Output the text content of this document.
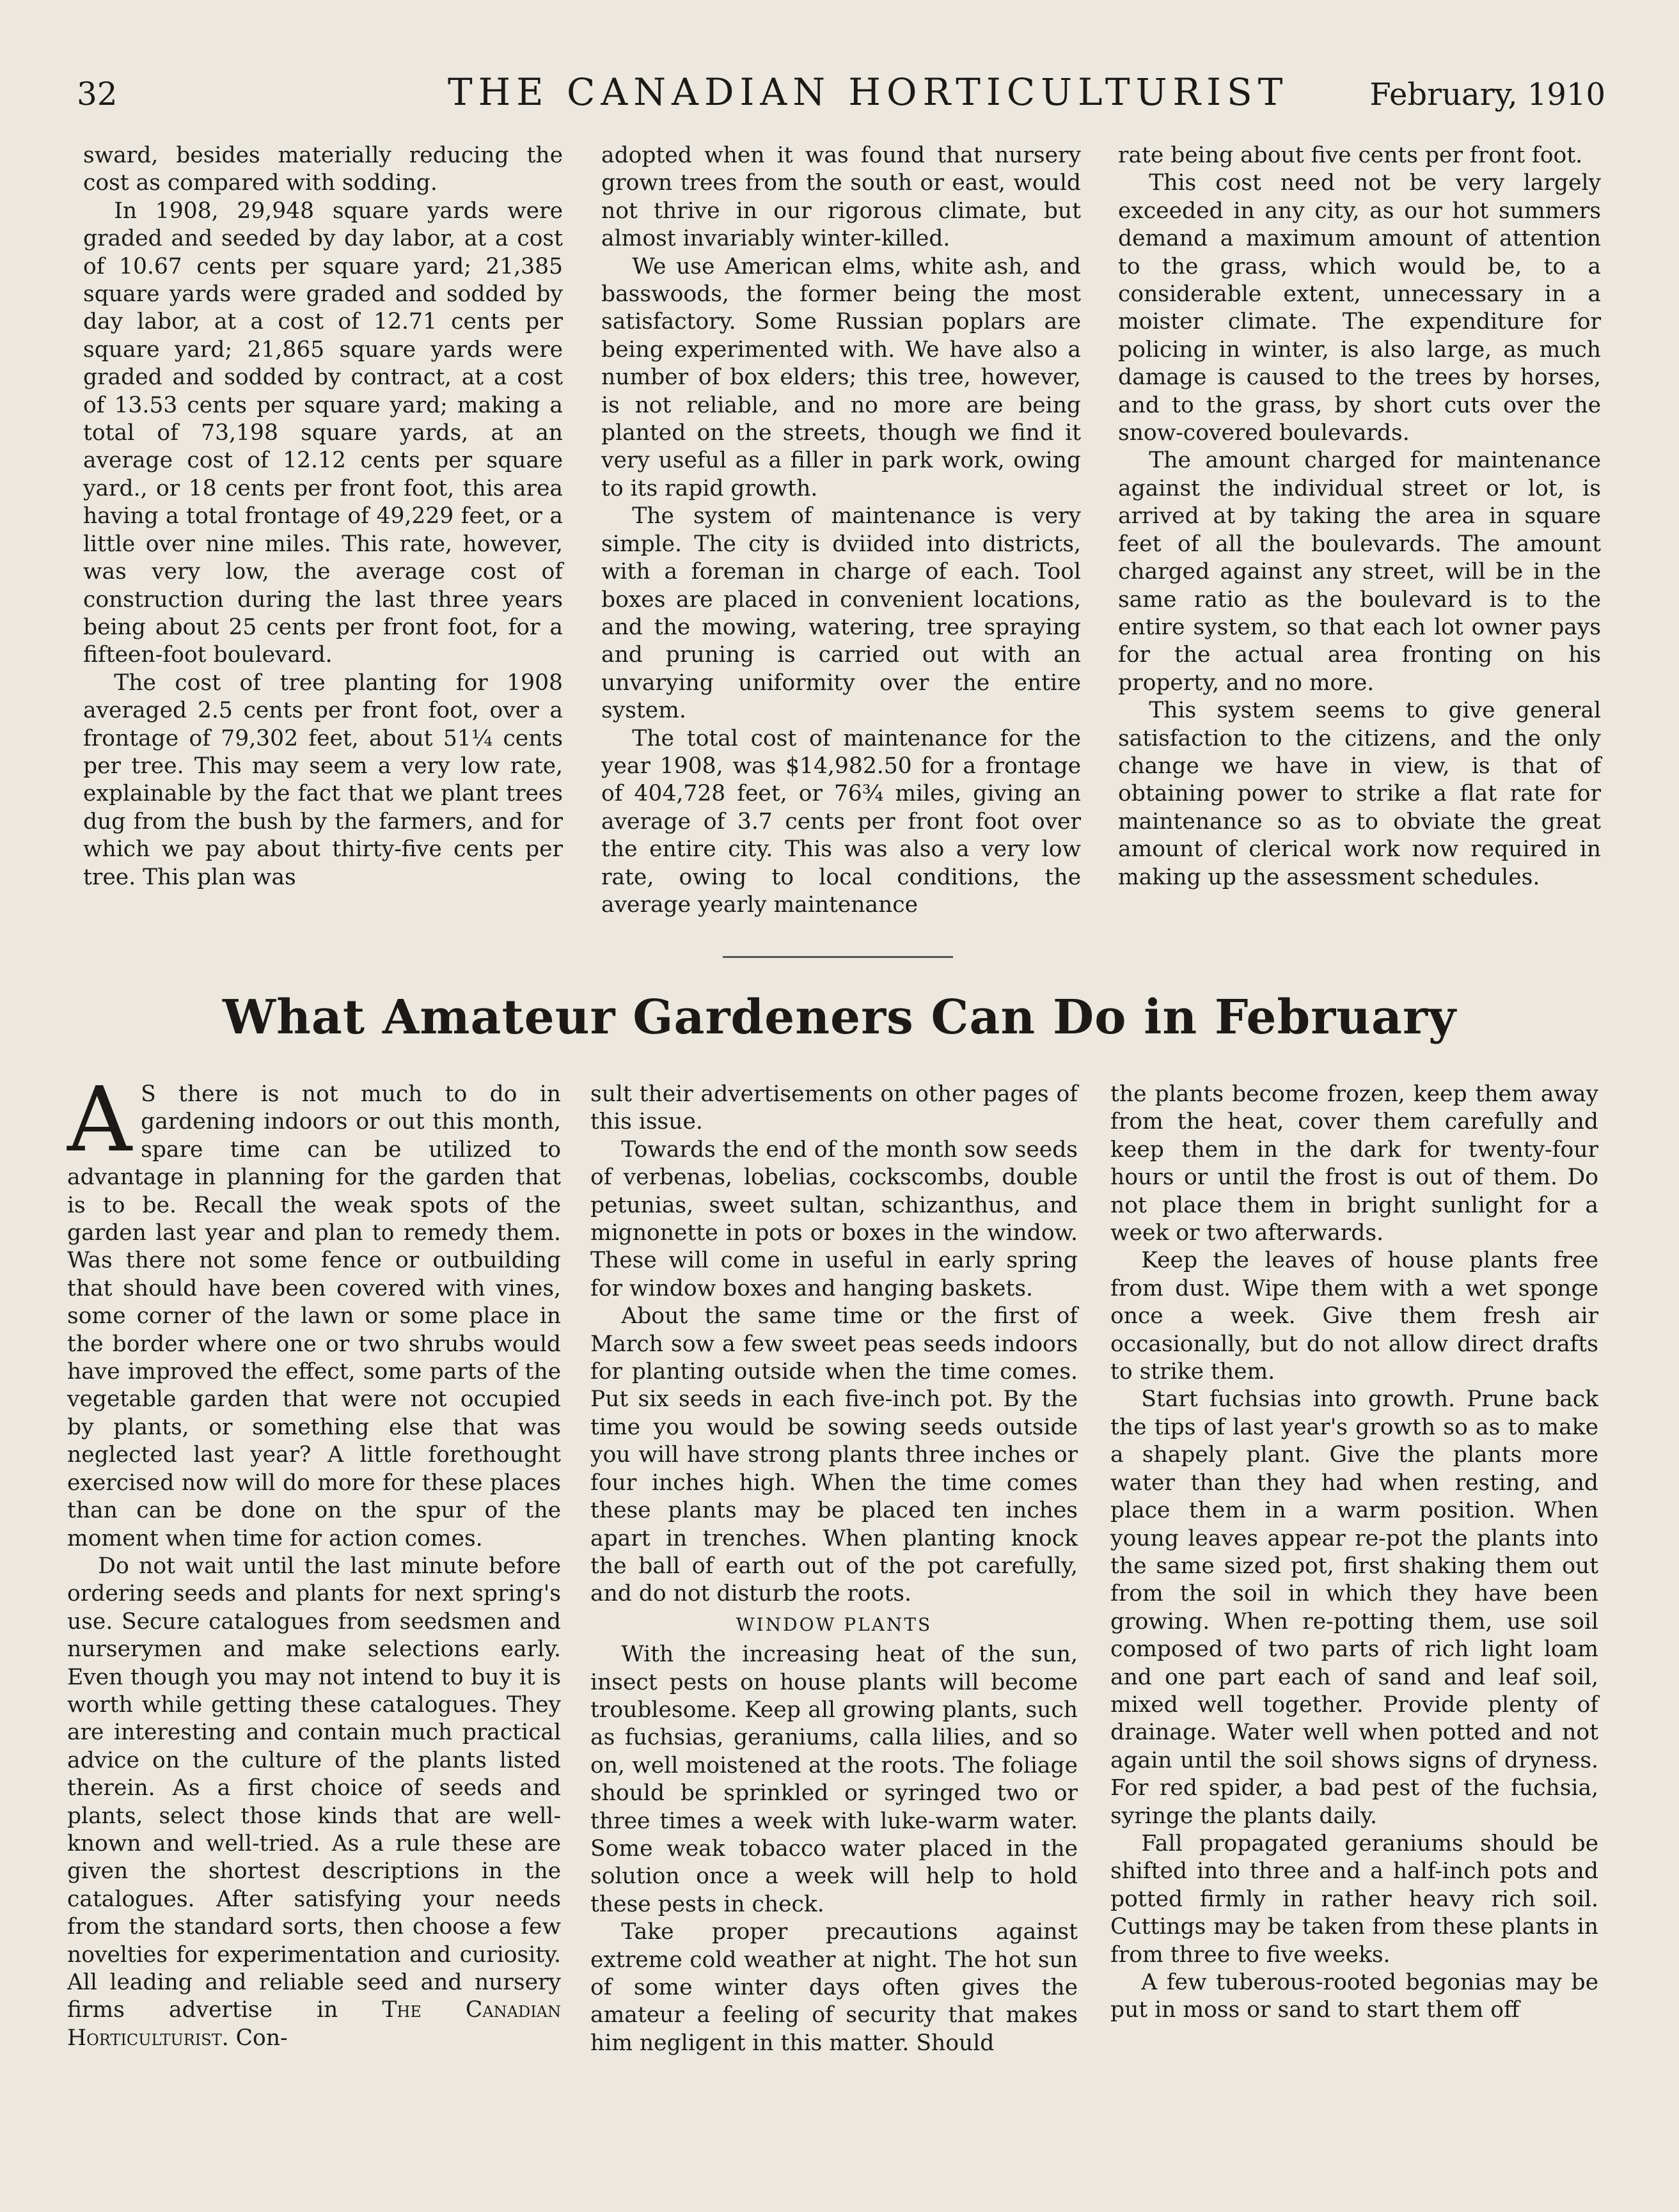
32	THE CANADIAN HORTICULTURIST	February, 1910

sward, besides materially reducing the cost as compared with sodding.

In 1908, 29,948 square yards were graded and seeded by day labor, at a cost of 10.67 cents per square yard; 21,385 square yards were graded and sodded by day labor, at a cost of 12.71 cents per square yard; 21,865 square yards were graded and sodded by contract, at a cost of 13.53 cents per square yard; making a total of 73,198 square yards, at an average cost of 12.12 cents per square yard., or 18 cents per front foot, this area having a total frontage of 49,229 feet, or a little over nine miles. This rate, however, was very low, the average cost of construction during the last three years being about 25 cents per front foot, for a fifteen-foot boulevard.

The cost of tree planting for 1908 averaged 2.5 cents per front foot, over a frontage of 79,302 feet, about 51¼ cents per tree. This may seem a very low rate, explainable by the fact that we plant trees dug from the bush by the farmers, and for which we pay about thirty-five cents per tree. This plan was

adopted when it was found that nursery grown trees from the south or east, would not thrive in our rigorous climate, but almost invariably winter-killed.

We use American elms, white ash, and basswoods, the former being the most satisfactory. Some Russian poplars are being experimented with. We have also a number of box elders; this tree, however, is not reliable, and no more are being planted on the streets, though we find it very useful as a filler in park work, owing to its rapid growth.

The system of maintenance is very simple. The city is dviided into districts, with a foreman in charge of each. Tool boxes are placed in convenient locations, and the mowing, watering, tree spraying and pruning is carried out with an unvarying uniformity over the entire system.

The total cost of maintenance for the year 1908, was $14,982.50 for a frontage of 404,728 feet, or 76¾ miles, giving an average of 3.7 cents per front foot over the entire city. This was also a very low rate, owing to local conditions, the average yearly maintenance

rate being about five cents per front foot.

This cost need not be very largely exceeded in any city, as our hot summers demand a maximum amount of attention to the grass, which would be, to a considerable extent, unnecessary in a moister climate. The expenditure for policing in winter, is also large, as much damage is caused to the trees by horses, and to the grass, by short cuts over the snow-covered boulevards.

The amount charged for maintenance against the individual street or lot, is arrived at by taking the area in square feet of all the boulevards. The amount charged against any street, will be in the same ratio as the boulevard is to the entire system, so that each lot owner pays for the actual area fronting on his property, and no more.

This system seems to give general satisfaction to the citizens, and the only change we have in view, is that of obtaining power to strike a flat rate for maintenance so as to obviate the great amount of clerical work now required in making up the assessment schedules.

What Amateur Gardeners Can Do in February

A S there is not much to do in gardening indoors or out this month, spare time can be utilized to advantage in planning for the garden that is to be. Recall the weak spots of the garden last year and plan to remedy them. Was there not some fence or outbuilding that should have been covered with vines, some corner of the lawn or some place in the border where one or two shrubs would have improved the effect, some parts of the vegetable garden that were not occupied by plants, or something else that was neglected last year? A little forethought exercised now will do more for these places than can be done on the spur of the moment when time for action comes.

Do not wait until the last minute before ordering seeds and plants for next spring's use. Secure catalogues from seedsmen and nurserymen and make selections early. Even though you may not intend to buy it is worth while getting these catalogues. They are interesting and contain much practical advice on the culture of the plants listed therein. As a first choice of seeds and plants, select those kinds that are well-known and well-tried. As a rule these are given the shortest descriptions in the catalogues. After satisfying your needs from the standard sorts, then choose a few novelties for experimentation and curiosity. All leading and reliable seed and nursery firms advertise in The Canadian Horticulturist. Con-

sult their advertisements on other pages of this issue.

Towards the end of the month sow seeds of verbenas, lobelias, cockscombs, double petunias, sweet sultan, schizanthus, and mignonette in pots or boxes in the window. These will come in useful in early spring for window boxes and hanging baskets.

About the same time or the first of March sow a few sweet peas seeds indoors for planting outside when the time comes. Put six seeds in each five-inch pot. By the time you would be sowing seeds outside you will have strong plants three inches or four inches high. When the time comes these plants may be placed ten inches apart in trenches. When planting knock the ball of earth out of the pot carefully, and do not disturb the roots.

WINDOW PLANTS

With the increasing heat of the sun, insect pests on house plants will become troublesome. Keep all growing plants, such as fuchsias, geraniums, calla lilies, and so on, well moistened at the roots. The foliage should be sprinkled or syringed two or three times a week with luke-warm water. Some weak tobacco water placed in the solution once a week will help to hold these pests in check.

Take proper precautions against extreme cold weather at night. The hot sun of some winter days often gives the amateur a feeling of security that makes him negligent in this matter. Should

the plants become frozen, keep them away from the heat, cover them carefully and keep them in the dark for twenty-four hours or until the frost is out of them. Do not place them in bright sunlight for a week or two afterwards.

Keep the leaves of house plants free from dust. Wipe them with a wet sponge once a week. Give them fresh air occasionally, but do not allow direct drafts to strike them.

Start fuchsias into growth. Prune back the tips of last year's growth so as to make a shapely plant. Give the plants more water than they had when resting, and place them in a warm position. When young leaves appear re-pot the plants into the same sized pot, first shaking them out from the soil in which they have been growing. When re-potting them, use soil composed of two parts of rich light loam and one part each of sand and leaf soil, mixed well together. Provide plenty of drainage. Water well when potted and not again until the soil shows signs of dryness. For red spider, a bad pest of the fuchsia, syringe the plants daily.

Fall propagated geraniums should be shifted into three and a half-inch pots and potted firmly in rather heavy rich soil. Cuttings may be taken from these plants in from three to five weeks.

A few tuberous-rooted begonias may be put in moss or sand to start them off
